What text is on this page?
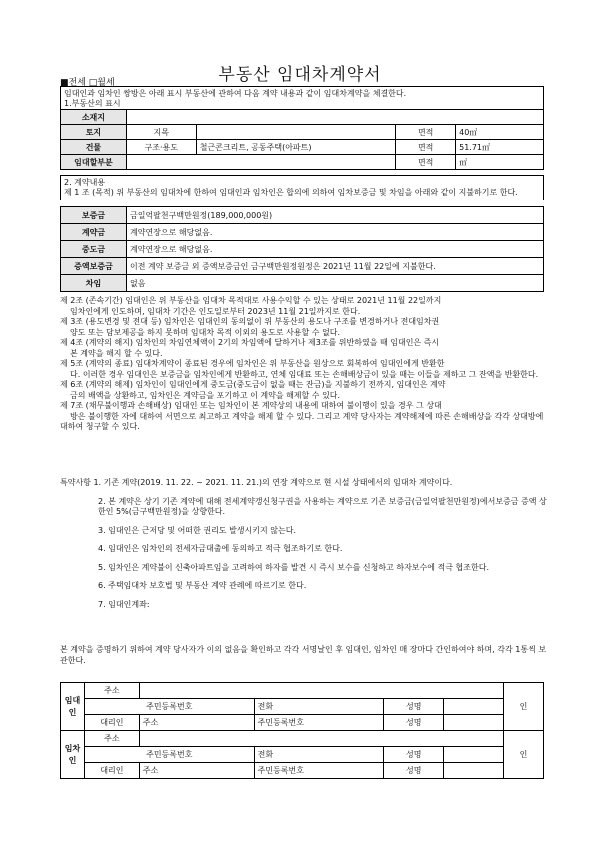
부동산 임대차계약서
■전세 □월세
임대인과 임차인 쌍방은 아래 표시 부동산에 관하여 다음 계약 내용과 같이 임대차계약을 체결한다.
1.부동산의 표시
소재지				
토지	지목		면적	40㎡
건물	구조·용도	철근콘크리트, 공동주택(아파트)	면적	51.71㎡
임대할부분			면적	㎡
2. 계약내용
제 1 조 (목적) 위 부동산의 임대차에 한하여 임대인과 임차인은 합의에 의하여 임차보증금 및 차임을 아래와 같이 지불하기로 한다.
보증금	금일억팔천구백만원정(189,000,000원)
계약금	계약연장으로 해당없음.
중도금	계약연장으로 해당없음.
증액보증금	이전 계약 보증금 외 증액보증금인 금구백만원정원정은 2021년 11월 22일에 지불한다.
차임	없음

제 2조 (존속기간) 임대인은 위 부동산을 임대차 목적대로 사용수익할 수 있는 상태로 2021년 11월 22일까지
임차인에게 인도하며, 임대차 기간은 인도일로부터 2023년 11월 21일까지로 한다.

제 3조 (용도변경 및 전대 등) 임차인은 임대인의 동의없이 위 부동산의 용도나 구조를 변경하거나 전대임차권
양도 또는 담보제공을 하지 못하며 임대차 목적 이외의 용도로 사용할 수 없다.

제 4조 (계약의 해지) 임차인의 차임연체액이 2기의 차임액에 달하거나 제3조를 위반하였을 때 임대인은 즉시
본 계약을 해지 할 수 있다.

제 5조 (계약의 종료) 임대차계약이 종료된 경우에 임차인은 위 부동산을 원상으로 회복하여 임대인에게 반환한
다. 이러한 경우 임대인은 보증금을 임차인에게 반환하고, 연체 임대료 또는 손해배상금이 있을 때는 이들을 제하고 그 잔액을 반환한다.

제 6조 (계약의 해제) 임차인이 임대인에게 중도금(중도금이 없을 때는 잔금)을 지불하기 전까지, 임대인은 계약
금의 배액을 상환하고, 임차인은 계약금을 포기하고 이 계약을 해제할 수 있다.

제 7조 (채무불이행과 손해배상) 임대인 또는 임차인이 본 계약상의 내용에 대하여 불이행이 있을 경우 그 상대
방은 불이행한 자에 대하여 서면으로 최고하고 계약을 해제 할 수 있다. 그리고 계약 당사자는 계약해제에 따른 손해배상을 각각 상대방에 대하여 청구할 수 있다.

특약사항 1. 기존 계약(2019. 11. 22. ~ 2021. 11. 21.)의 연장 계약으로 현 시설 상태에서의 임대차 계약이다.
2. 본 계약은 상기 기존 계약에 대해 전세계약갱신청구권을 사용하는 계약으로 기존 보증금(금일억팔천만원정)에서보증금 증액 상한인 5%(금구백만원정)을 상향한다.
3. 임대인은 근저당 및 어떠한 권리도 발생시키지 않는다.
4. 임대인은 임차인의 전세자금대출에 동의하고 적극 협조하기로 한다.
5. 임차인은 계약불이 신축아파트임을 고려하여 하자를 발견 시 즉시 보수를 신청하고 하자보수에 적극 협조한다.
6. 주택임대차 보호법 및 부동산 계약 관례에 따르기로 한다.
7. 임대인계좌:
본 계약을 증명하기 위하여 계약 당사자가 이의 없음을 확인하고 각각 서명날인 후 임대인, 임차인 매 장마다 간인하여야 하며, 각각 1통씩 보관한다.
임대인	주소					인
	주민등록번호		전화	성명		
	대리인	주소	주민등록번호	성명		
임차인	주소					인
	주민등록번호		전화	성명		
	대리인	주소	주민등록번호	성명		
